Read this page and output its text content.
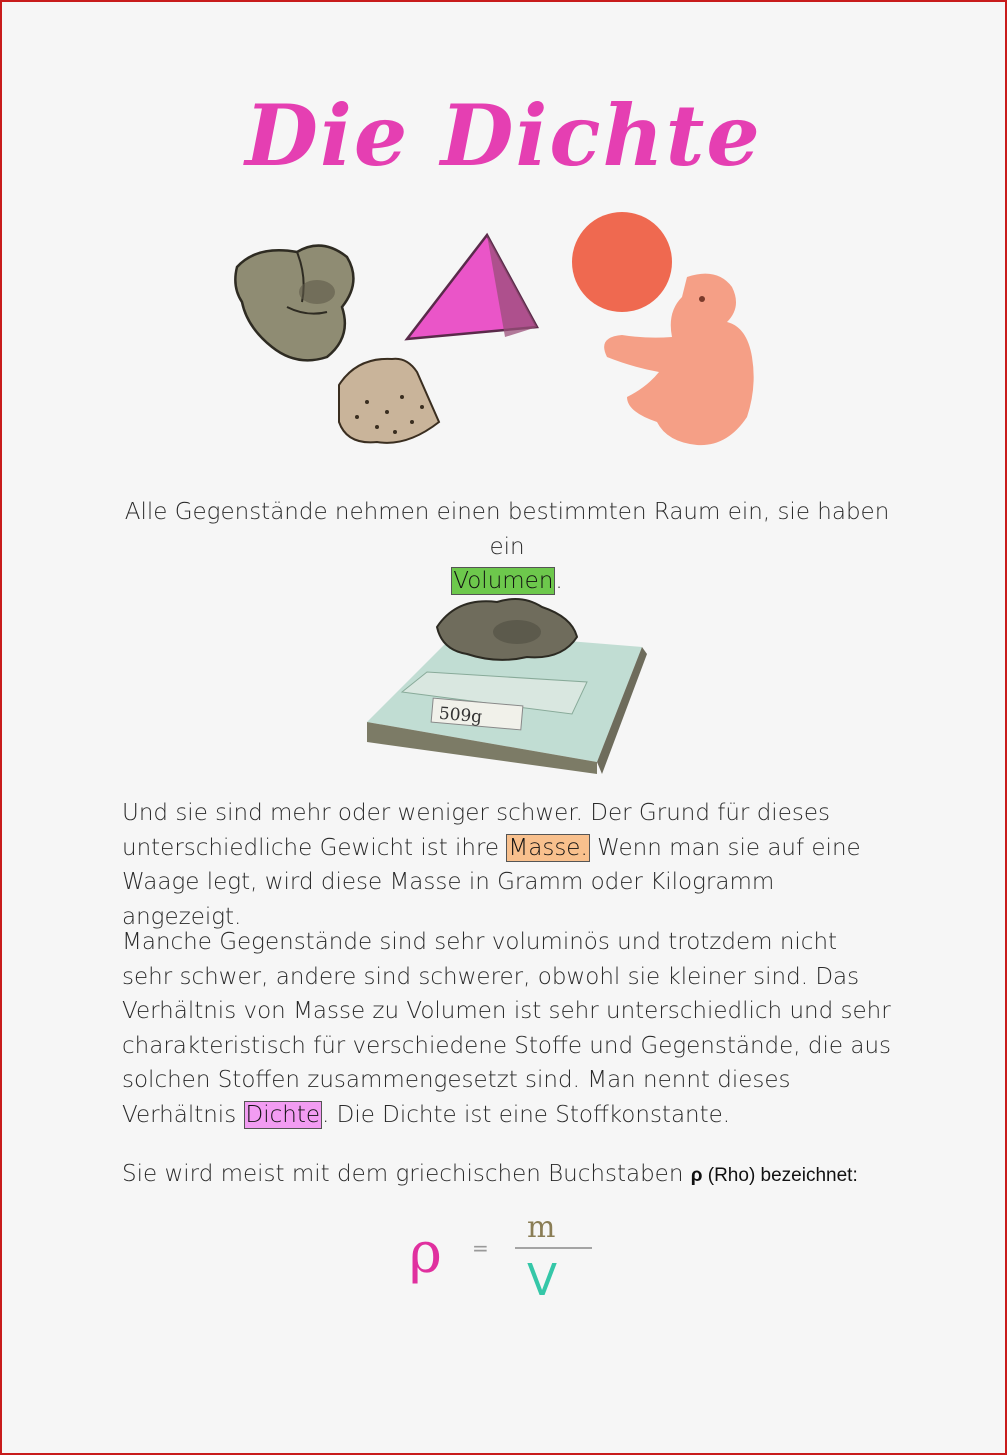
Die Dichte

Alle Gegenstände nehmen einen bestimmten Raum ein, sie haben ein
Volumen.

509g

Und sie sind mehr oder weniger schwer. Der Grund für dieses unterschiedliche Gewicht ist ihre Masse. Wenn man sie auf eine Waage legt, wird diese Masse in Gramm oder Kilogramm angezeigt.

Manche Gegenstände sind sehr voluminös und trotzdem nicht sehr schwer, andere sind schwerer, obwohl sie kleiner sind. Das Verhältnis von Masse zu Volumen ist sehr unterschiedlich und sehr charakteristisch für verschiedene Stoffe und Gegenstände, die aus solchen Stoffen zusammengesetzt sind. Man nennt dieses Verhältnis Dichte. Die Dichte ist eine Stoffkonstante.

Sie wird meist mit dem griechischen Buchstaben ρ (Rho) bezeichnet:

ρ =
m
V
